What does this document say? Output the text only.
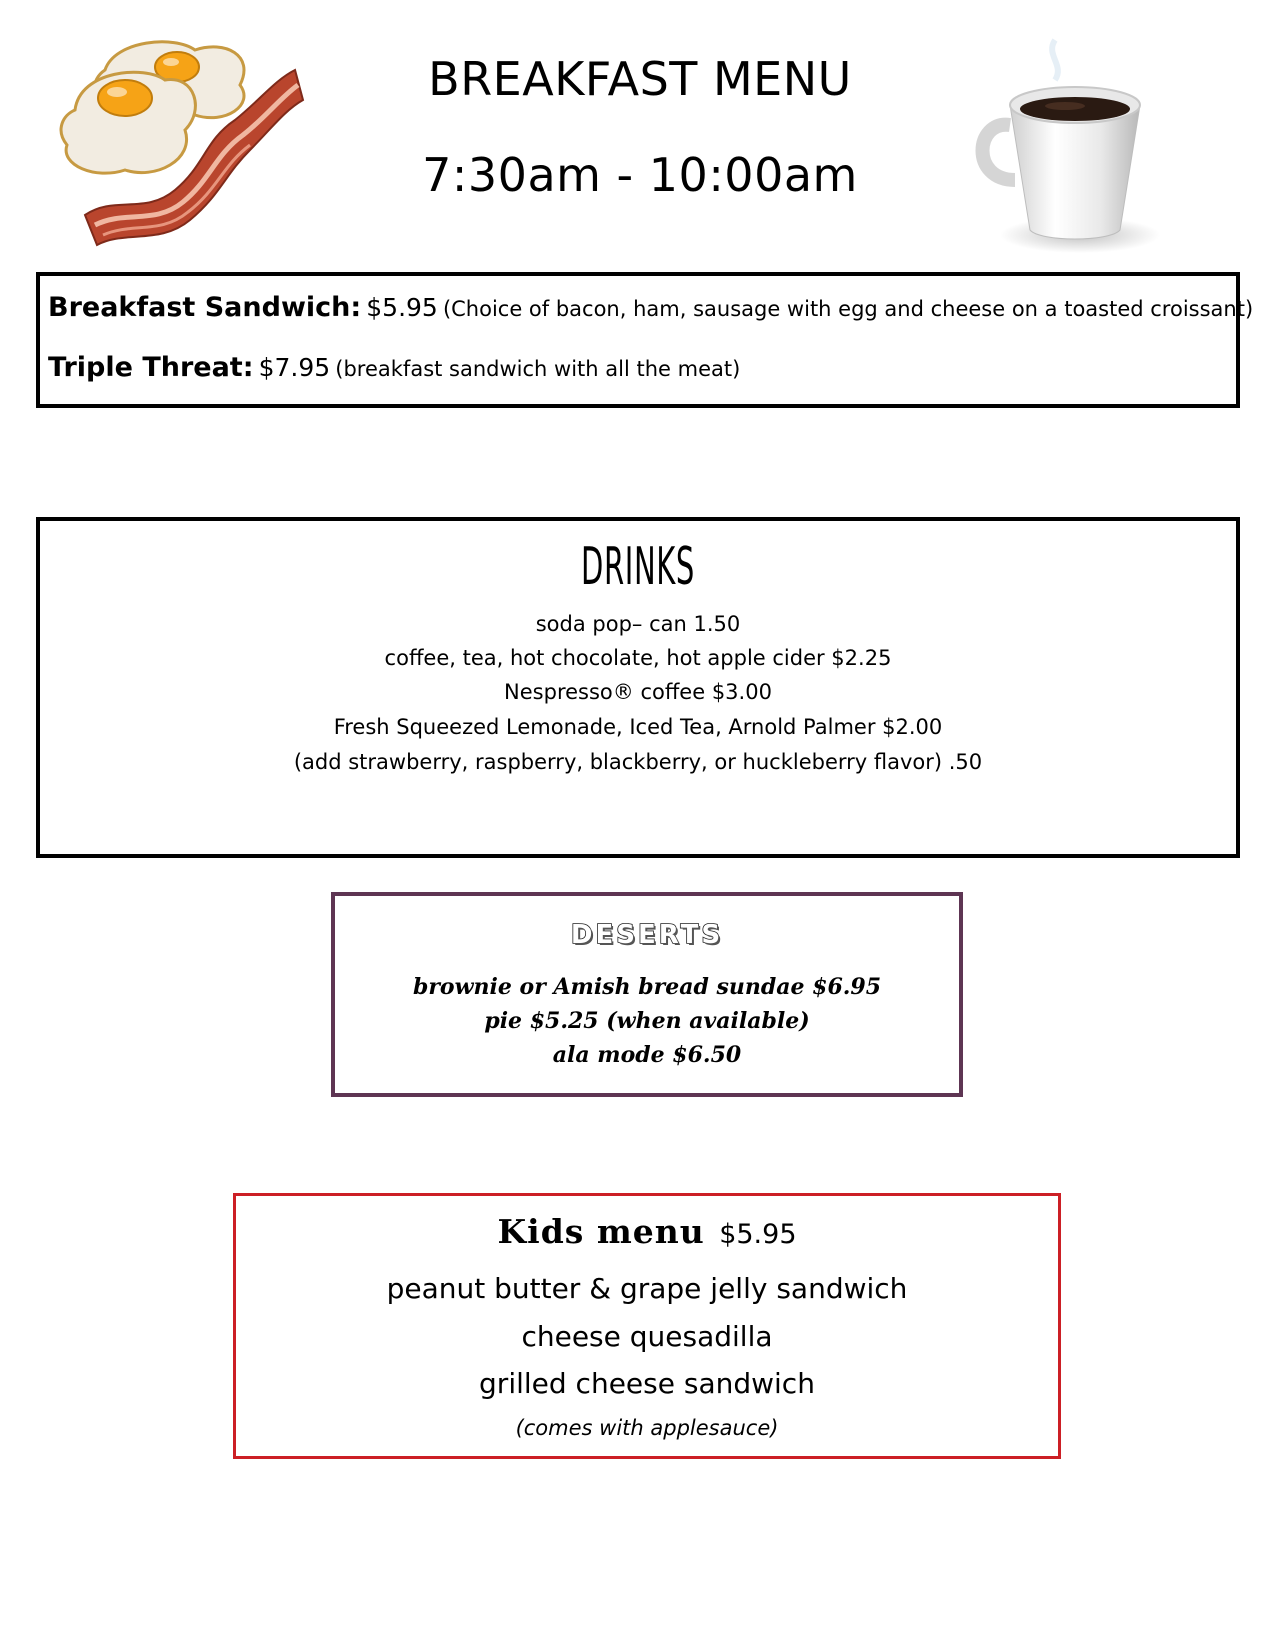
BREAKFAST MENU
7:30am - 10:00am
Breakfast Sandwich: $5.95 (Choice of bacon, ham, sausage with egg and cheese on a toasted croissant)
Triple Threat: $7.95 (breakfast sandwich with all the meat)
DRINKS
soda pop– can 1.50
coffee, tea, hot chocolate, hot apple cider $2.25
Nespresso® coffee $3.00
Fresh Squeezed Lemonade, Iced Tea, Arnold Palmer $2.00
(add strawberry, raspberry, blackberry, or huckleberry flavor) .50
DESERTS
brownie or Amish bread sundae $6.95
pie $5.25 (when available)
ala mode $6.50
Kids menu $5.95
peanut butter & grape jelly sandwich
cheese quesadilla
grilled cheese sandwich
(comes with applesauce)
